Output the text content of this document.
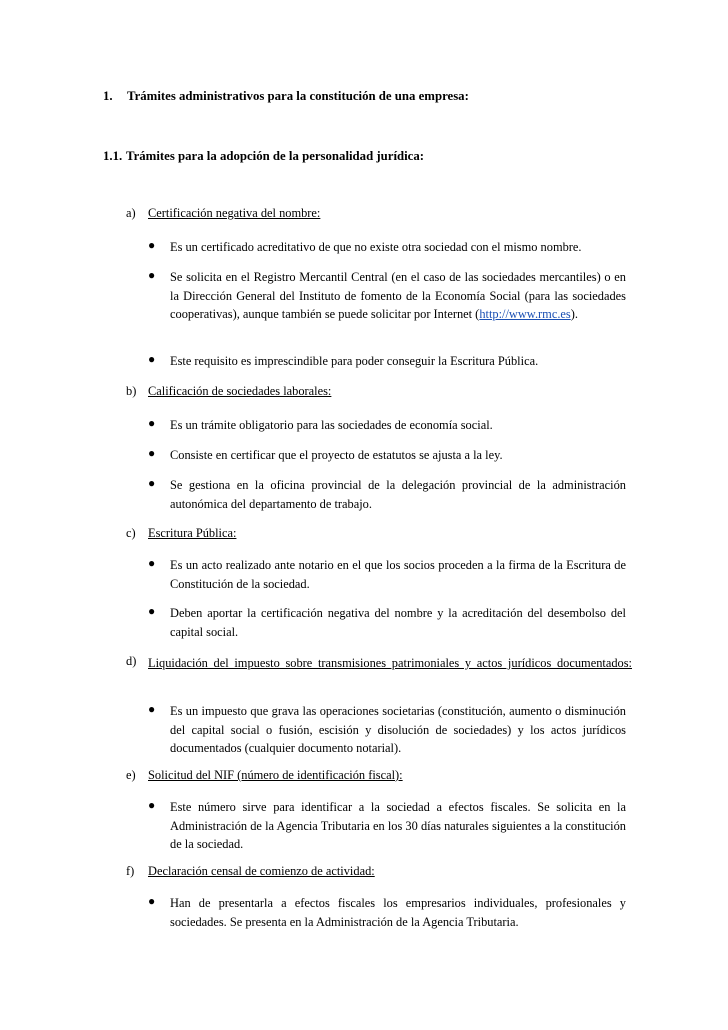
1. Trámites administrativos para la constitución de una empresa:
1.1. Trámites para la adopción de la personalidad jurídica:
a) Certificación negativa del nombre:
● Es un certificado acreditativo de que no existe otra sociedad con el mismo nombre.
● Se solicita en el Registro Mercantil Central (en el caso de las sociedades mercantiles) o en la Dirección General del Instituto de fomento de la Economía Social (para las sociedades cooperativas), aunque también se puede solicitar por Internet (http://www.rmc.es).
● Este requisito es imprescindible para poder conseguir la Escritura Pública.
b) Calificación de sociedades laborales:
● Es un trámite obligatorio para las sociedades de economía social.
● Consiste en certificar que el proyecto de estatutos se ajusta a la ley.
● Se gestiona en la oficina provincial de la delegación provincial de la administración autonómica del departamento de trabajo.
c) Escritura Pública:
● Es un acto realizado ante notario en el que los socios proceden a la firma de la Escritura de Constitución de la sociedad.
● Deben aportar la certificación negativa del nombre y la acreditación del desembolso del capital social.
d) Liquidación del impuesto sobre transmisiones patrimoniales y actos jurídicos documentados:
● Es un impuesto que grava las operaciones societarias (constitución, aumento o disminución del capital social o fusión, escisión y disolución de sociedades) y los actos jurídicos documentados (cualquier documento notarial).
e) Solicitud del NIF (número de identificación fiscal):
● Este número sirve para identificar a la sociedad a efectos fiscales. Se solicita en la Administración de la Agencia Tributaria en los 30 días naturales siguientes a la constitución de la sociedad.
f) Declaración censal de comienzo de actividad:
● Han de presentarla a efectos fiscales los empresarios individuales, profesionales y sociedades. Se presenta en la Administración de la Agencia Tributaria.
